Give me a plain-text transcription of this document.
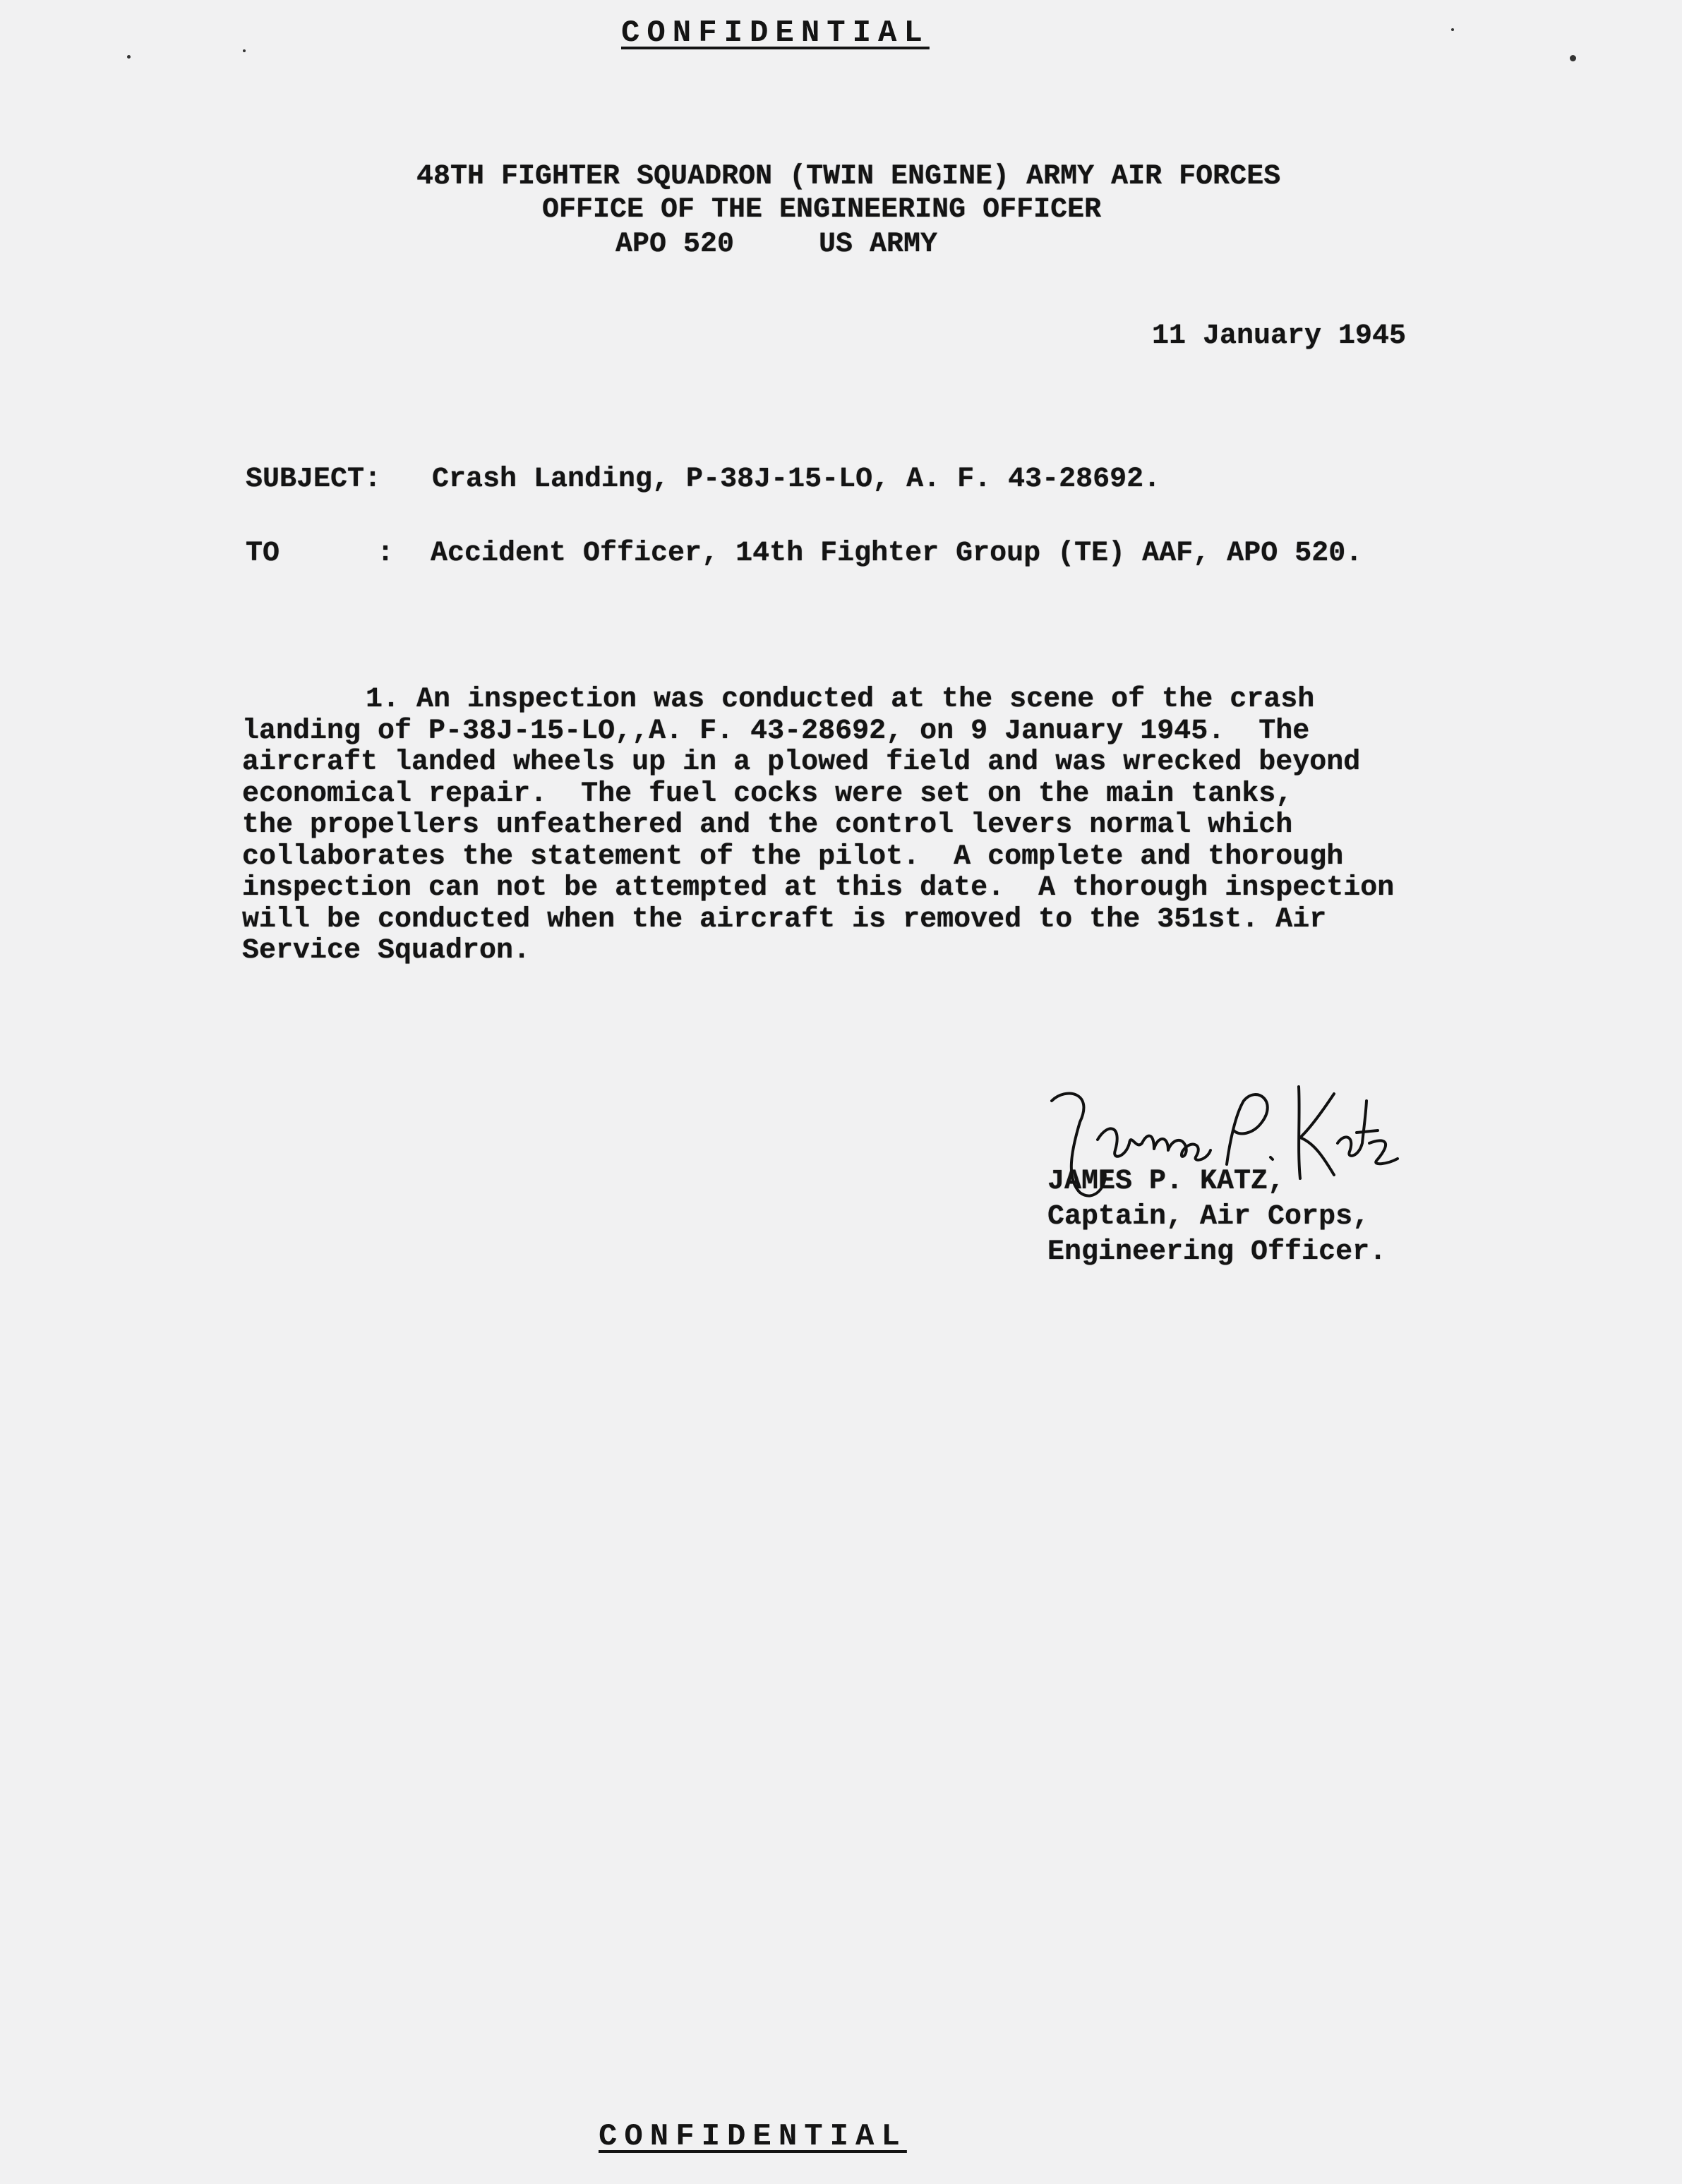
CONFIDENTIAL
48TH FIGHTER SQUADRON (TWIN ENGINE) ARMY AIR FORCES
OFFICE OF THE ENGINEERING OFFICER
APO 520	US ARMY
11 January 1945
SUBJECT: Crash Landing, P-38J-15-LO, A. F. 43-28692.
TO	: Accident Officer, 14th Fighter Group (TE) AAF, APO 520.
1. An inspection was conducted at the scene of the crash
landing of P-38J-15-LO,,A. F. 43-28692, on 9 January 1945.  The
aircraft landed wheels up in a plowed field and was wrecked beyond
economical repair.  The fuel cocks were set on the main tanks,
the propellers unfeathered and the control levers normal which
collaborates the statement of the pilot.  A complete and thorough
inspection can not be attempted at this date.  A thorough inspection
will be conducted when the aircraft is removed to the 351st. Air
Service Squadron.
JAMES P. KATZ,
Captain, Air Corps,
Engineering Officer.
CONFIDENTIAL
